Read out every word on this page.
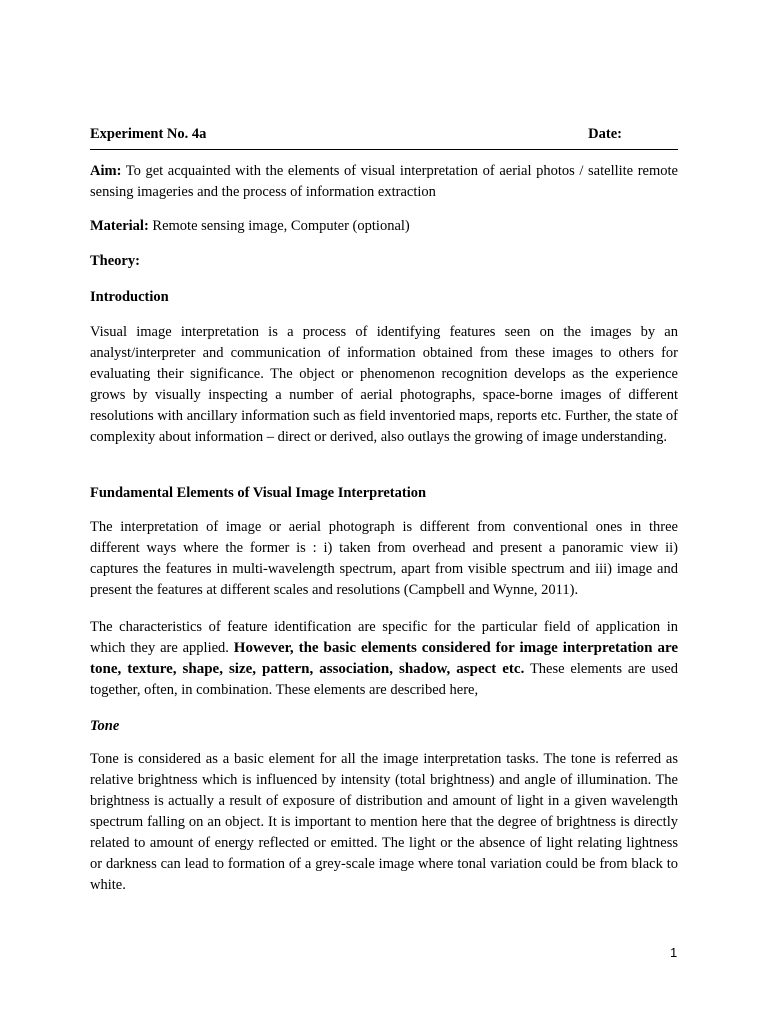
Experiment No. 4a	Date:

Aim: To get acquainted with the elements of visual interpretation of aerial photos / satellite remote sensing imageries and the process of information extraction

Material: Remote sensing image, Computer (optional)

Theory:

Introduction

Visual image interpretation is a process of identifying features seen on the images by an analyst/interpreter and communication of information obtained from these images to others for evaluating their significance. The object or phenomenon recognition develops as the experience grows by visually inspecting a number of aerial photographs, space-borne images of different resolutions with ancillary information such as field inventoried maps, reports etc. Further, the state of complexity about information – direct or derived, also outlays the growing of image understanding.

Fundamental Elements of Visual Image Interpretation

The interpretation of image or aerial photograph is different from conventional ones in three different ways where the former is : i) taken from overhead and present a panoramic view ii) captures the features in multi-wavelength spectrum, apart from visible spectrum and iii) image and present the features at different scales and resolutions (Campbell and Wynne, 2011).

The characteristics of feature identification are specific for the particular field of application in which they are applied. However, the basic elements considered for image interpretation are tone, texture, shape, size, pattern, association, shadow, aspect etc. These elements are used together, often, in combination. These elements are described here,

Tone

Tone is considered as a basic element for all the image interpretation tasks. The tone is referred as relative brightness which is influenced by intensity (total brightness) and angle of illumination. The brightness is actually a result of exposure of distribution and amount of light in a given wavelength spectrum falling on an object. It is important to mention here that the degree of brightness is directly related to amount of energy reflected or emitted. The light or the absence of light relating lightness or darkness can lead to formation of a grey-scale image where tonal variation could be from black to white.

1
